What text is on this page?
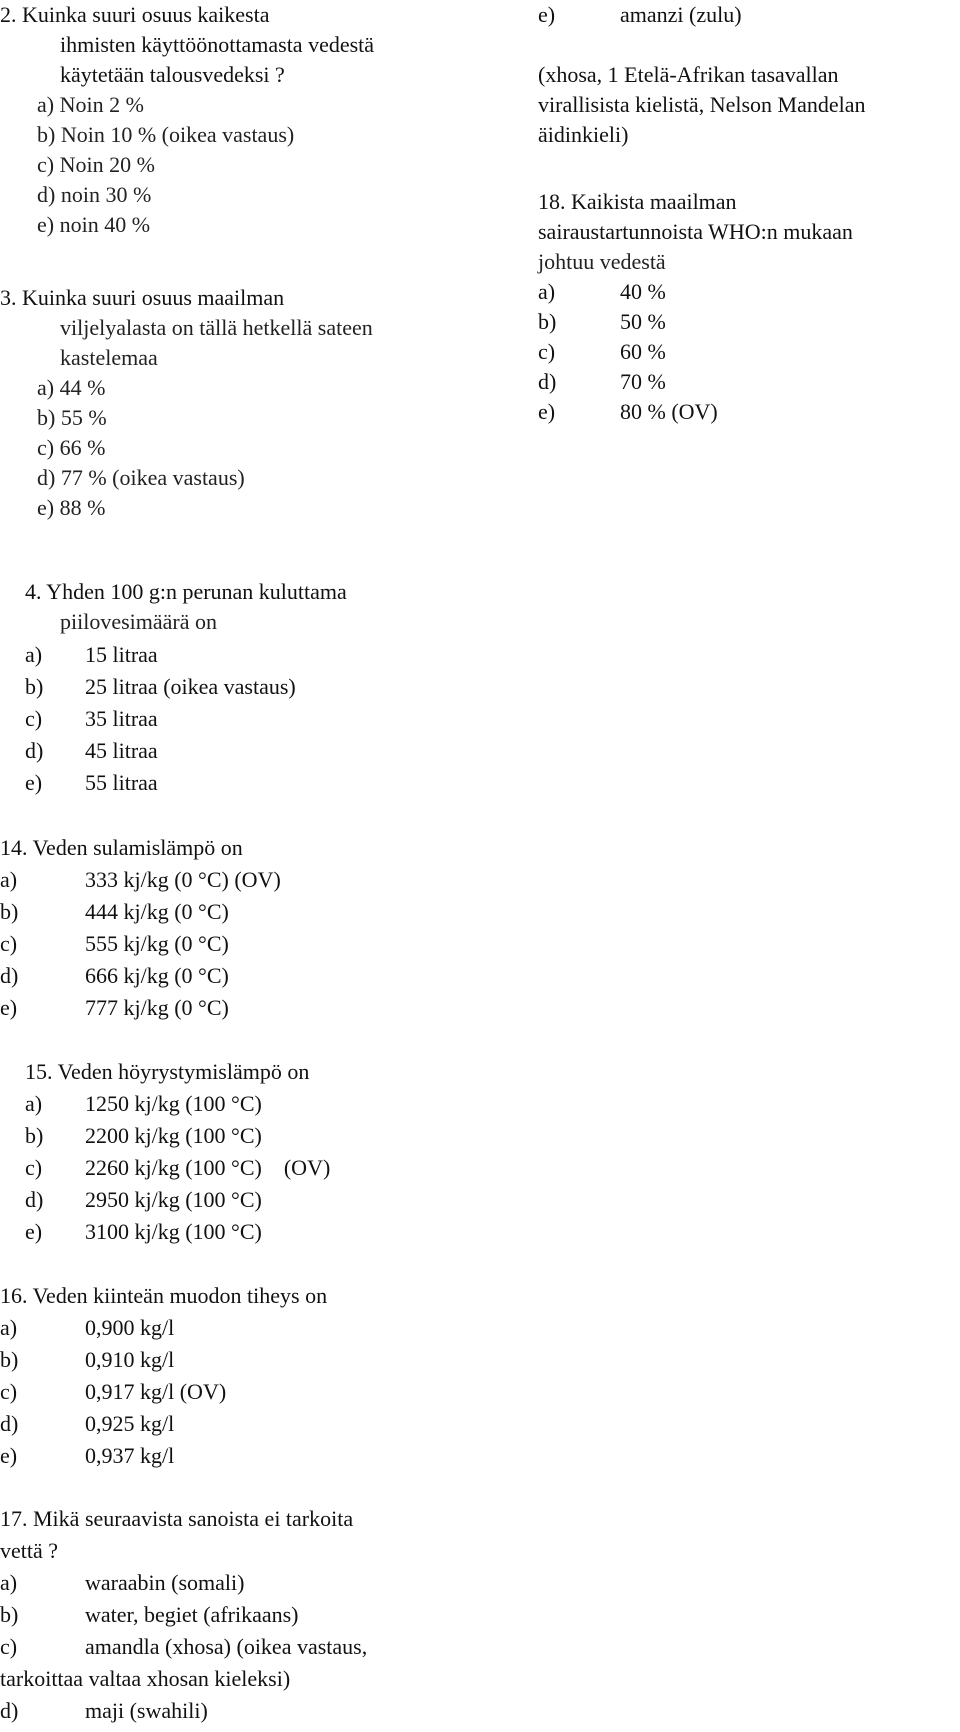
2. Kuinka suuri osuus kaikesta
ihmisten käyttöönottamasta vedestä
käytetään talousvedeksi ?
a) Noin 2 %
b) Noin 10 % (oikea vastaus)
c) Noin 20 %
d) noin 30 %
e) noin 40 %
3. Kuinka suuri osuus maailman
viljelyalasta on tällä hetkellä sateen
kastelemaa
a) 44 %
b) 55 %
c) 66 %
d) 77 % (oikea vastaus)
e) 88 %
4. Yhden 100 g:n perunan kuluttama
piilovesimäärä on
a) 15 litraa
b) 25 litraa (oikea vastaus)
c) 35 litraa
d) 45 litraa
e) 55 litraa
14. Veden sulamislämpö on
a)	333 kj/kg (0 °C) (OV)
b)	444 kj/kg (0 °C)
c)	555 kj/kg (0 °C)
d)	666 kj/kg (0 °C)
e)	777 kj/kg (0 °C)
15. Veden höyrystymislämpö on
a) 1250 kj/kg (100 °C)
b) 2200 kj/kg (100 °C)
c) 2260 kj/kg (100 °C)    (OV)
d) 2950 kj/kg (100 °C)
e) 3100 kj/kg (100 °C)
16. Veden kiinteän muodon tiheys on
a)	0,900 kg/l
b)	0,910 kg/l
c)	0,917 kg/l (OV)
d)	0,925 kg/l
e)	0,937 kg/l
17. Mikä seuraavista sanoista ei tarkoita
vettä ?
a)	waraabin (somali)
b)	water, begiet (afrikaans)
c)	amandla (xhosa) (oikea vastaus,
tarkoittaa valtaa xhosan kieleksi)
d)	maji (swahili)
e)	amanzi (zulu)
(xhosa, 1 Etelä-Afrikan tasavallan
virallisista kielistä, Nelson Mandelan
äidinkieli)
18. Kaikista maailman
sairaustartunnoista WHO:n mukaan
johtuu vedestä
a)	40 %
b)	50 %
c)	60 %
d)	70 %
e)	80 % (OV)
